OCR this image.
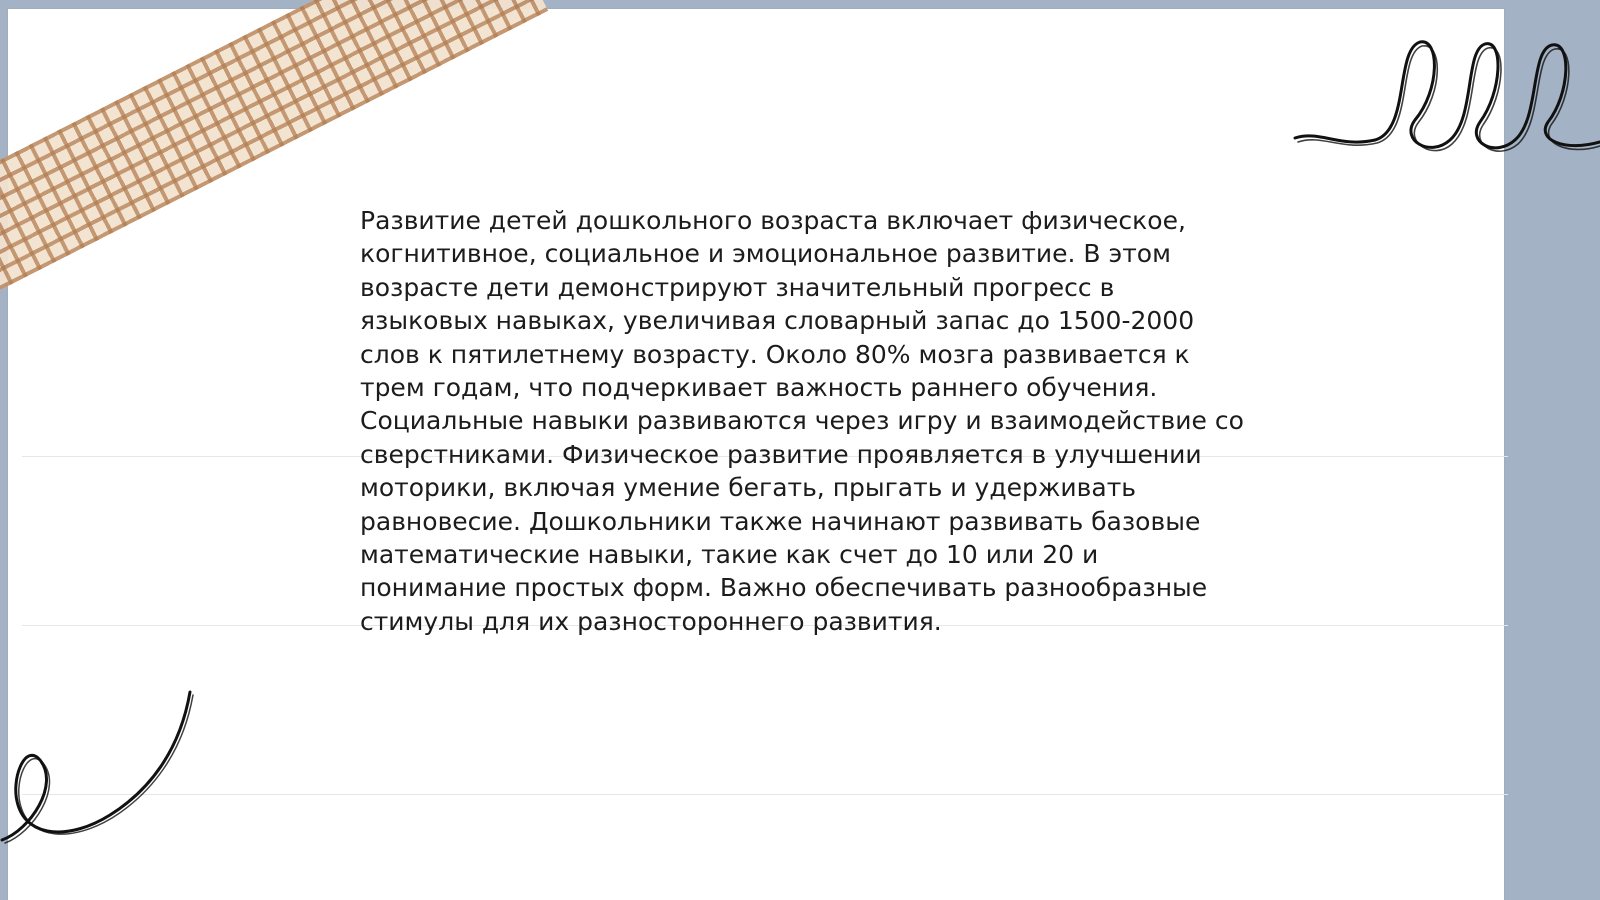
Развитие детей дошкольного возраста включает физическое, когнитивное, социальное и эмоциональное развитие. В этом возрасте дети демонстрируют значительный прогресс в языковых навыках, увеличивая словарный запас до 1500-2000 слов к пятилетнему возрасту. Около 80% мозга развивается к трем годам, что подчеркивает важность раннего обучения. Социальные навыки развиваются через игру и взаимодействие со сверстниками. Физическое развитие проявляется в улучшении моторики, включая умение бегать, прыгать и удерживать равновесие. Дошкольники также начинают развивать базовые математические навыки, такие как счет до 10 или 20 и понимание простых форм. Важно обеспечивать разнообразные стимулы для их разностороннего развития.
